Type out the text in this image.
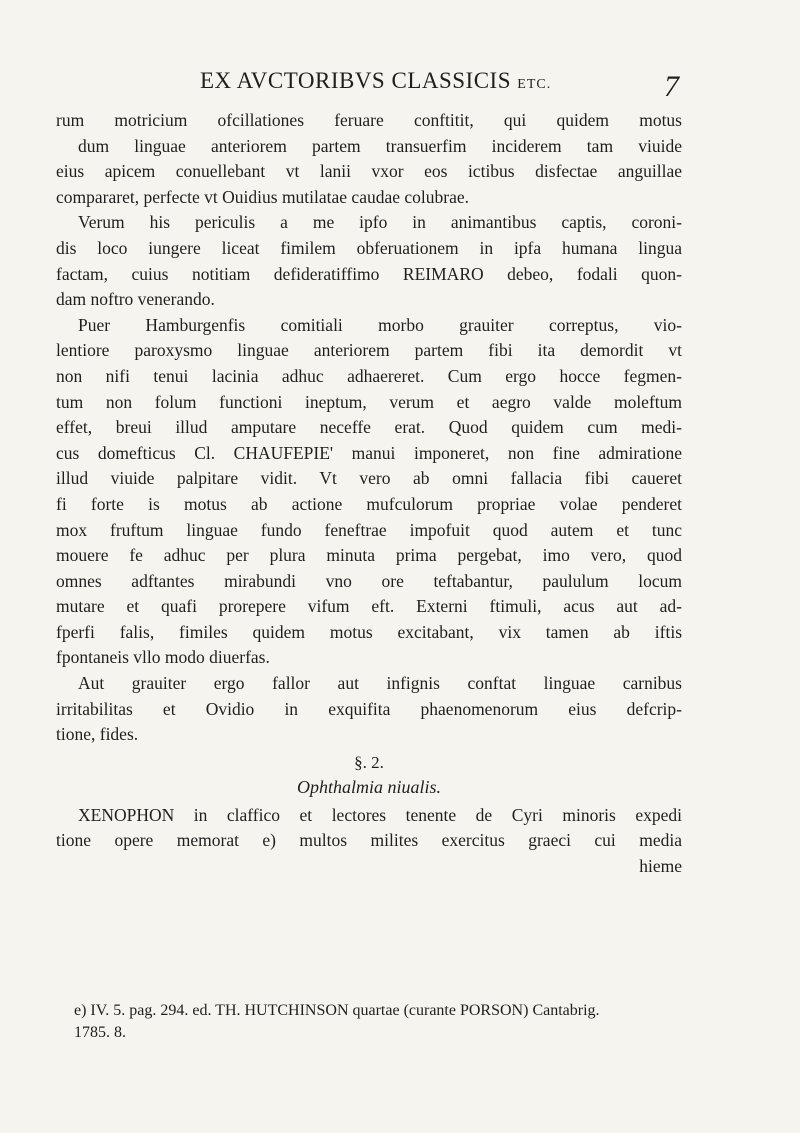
EX AVCTORIBVS CLASSICIS ETC.	7

rum motricium ofcillationes feruare conftitit, qui quidem motus
dum linguae anteriorem partem transuerfim inciderem tam viuide
eius apicem conuellebant vt lanii vxor eos ictibus disfectae anguillae
compararet, perfecte vt Ouidius mutilatae caudae colubrae.

Verum his periculis a me ipfo in animantibus captis, coroni-
dis loco iungere liceat fimilem obferuationem in ipfa humana lingua
factam, cuius notitiam defideratiffimo REIMARO debeo, fodali quon-
dam noftro venerando.

Puer Hamburgenfis comitiali morbo grauiter correptus, vio-
lentiore paroxysmo linguae anteriorem partem fibi ita demordit vt
non nifi tenui lacinia adhuc adhaereret. Cum ergo hocce fegmen-
tum non folum functioni ineptum, verum et aegro valde moleftum
effet, breui illud amputare neceffe erat. Quod quidem cum medi-
cus domefticus Cl. CHAUFEPIE' manui imponeret, non fine admiratione
illud viuide palpitare vidit. Vt vero ab omni fallacia fibi caueret
fi forte is motus ab actione mufculorum propriae volae penderet
mox fruftum linguae fundo feneftrae impofuit quod autem et tunc
mouere fe adhuc per plura minuta prima pergebat, imo vero, quod
omnes adftantes mirabundi vno ore teftabantur, paululum locum
mutare et quafi prorepere vifum eft. Externi ftimuli, acus aut ad-
fperfi falis, fimiles quidem motus excitabant, vix tamen ab iftis
fpontaneis vllo modo diuerfas.

Aut grauiter ergo fallor aut infignis conftat linguae carnibus
irritabilitas et Ovidio in exquifita phaenomenorum eius defcrip-
tione, fides.

§. 2.
Ophthalmia niualis.

XENOPHON in claffico et lectores tenente de Cyri minoris expedi
tione opere memorat e) multos milites exercitus graeci cui media
hieme

e) IV. 5. pag. 294. ed. TH. HUTCHINSON quartae (curante PORSON) Cantabrig.
1785. 8.
